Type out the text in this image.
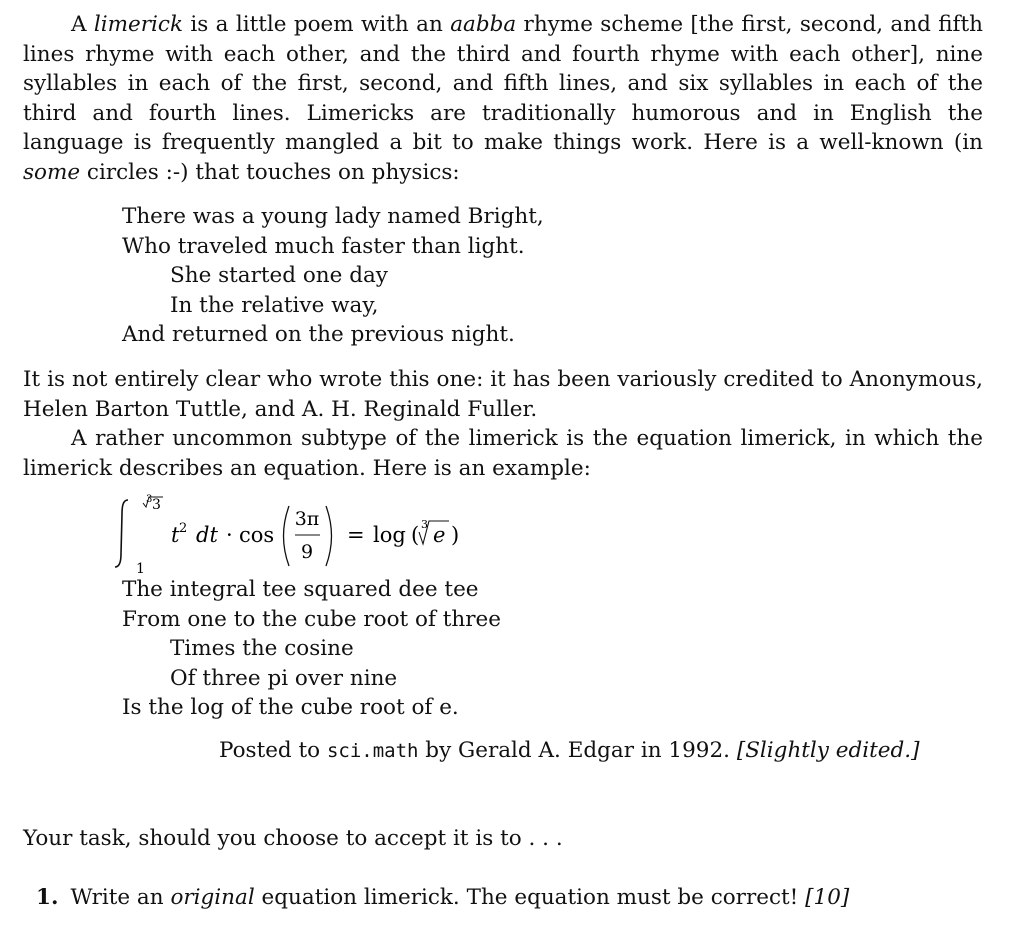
A limerick is a little poem with an aabba rhyme scheme [the first, second, and fifth lines rhyme with each other, and the third and fourth rhyme with each other], nine syllables in each of the first, second, and fifth lines, and six syllables in each of the third and fourth lines. Limericks are traditionally humorous and in English the language is frequently mangled a bit to make things work. Here is a well-known (in some circles :-) that touches on physics:

There was a young lady named Bright,
Who traveled much faster than light.
She started one day
In the relative way,
And returned on the previous night.

It is not entirely clear who wrote this one: it has been variously credited to Anonymous, Helen Barton Tuttle, and A. H. Reginald Fuller.

A rather uncommon subtype of the limerick is the equation limerick, in which the limerick describes an equation. Here is an example:

3 3
1
t 2 dt · cos
3π
9
= log ( 3 e )
The integral tee squared dee tee
From one to the cube root of three
Times the cosine
Of three pi over nine
Is the log of the cube root of e.

Posted to sci.math by Gerald A. Edgar in 1992. [Slightly edited.]

Your task, should you choose to accept it is to . . .

1. Write an original equation limerick. The equation must be correct! [10]
